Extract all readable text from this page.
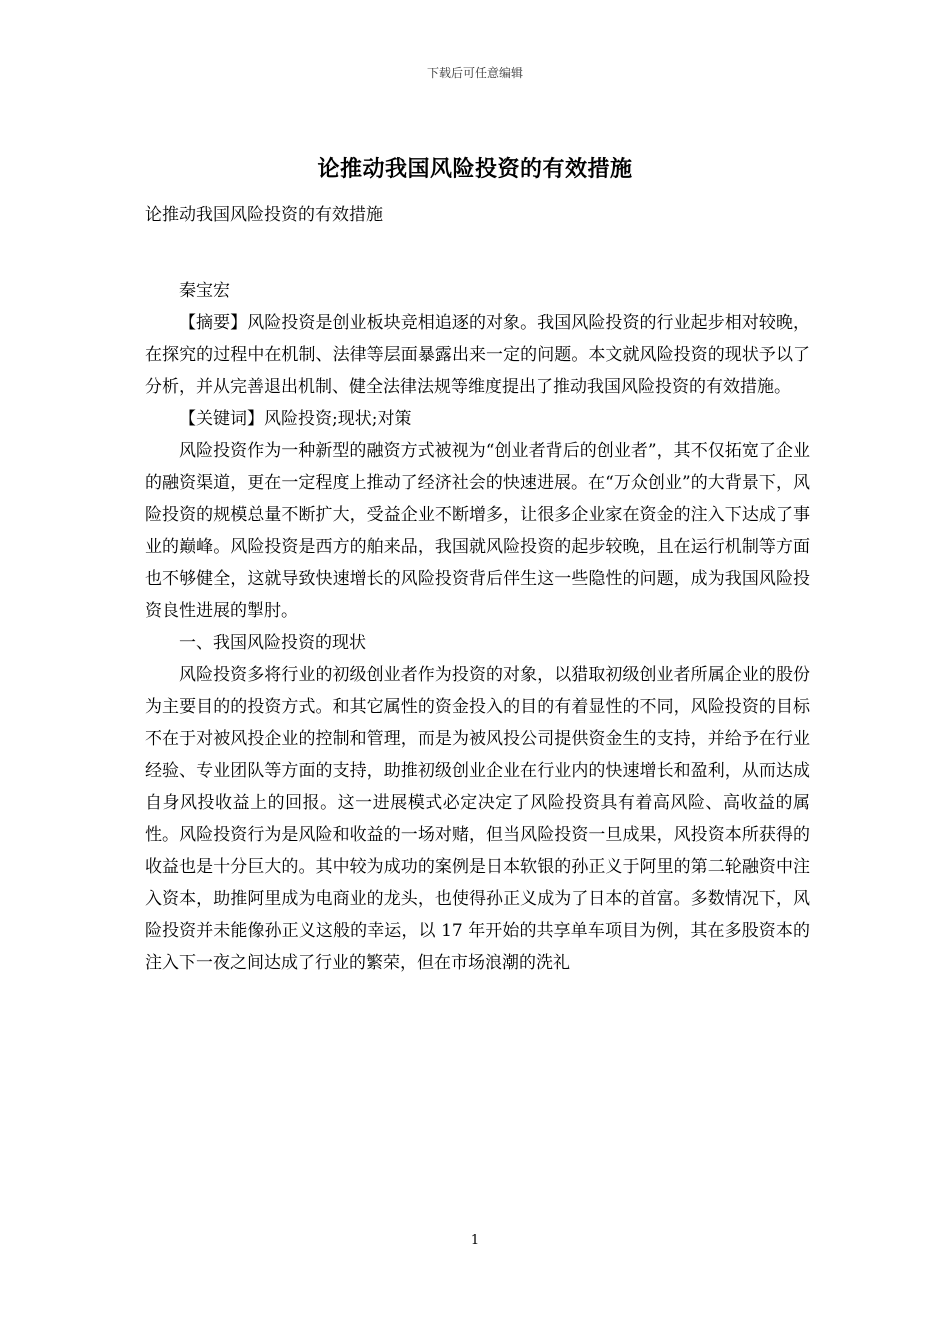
下载后可任意编辑
论推动我国风险投资的有效措施

论推动我国风险投资的有效措施

秦宝宏

【摘要】风险投资是创业板块竞相追逐的对象。我国风险投资的行业起步相对较晚，在探究的过程中在机制、法律等层面暴露出来一定的问题。本文就风险投资的现状予以了分析，并从完善退出机制、健全法律法规等维度提出了推动我国风险投资的有效措施。

【关键词】风险投资;现状;对策

风险投资作为一种新型的融资方式被视为“创业者背后的创业者”，其不仅拓宽了企业的融资渠道，更在一定程度上推动了经济社会的快速进展。在“万众创业”的大背景下，风险投资的规模总量不断扩大，受益企业不断增多，让很多企业家在资金的注入下达成了事业的巅峰。风险投资是西方的舶来品，我国就风险投资的起步较晚，且在运行机制等方面也不够健全，这就导致快速增长的风险投资背后伴生这一些隐性的问题，成为我国风险投资良性进展的掣肘。

一、我国风险投资的现状

风险投资多将行业的初级创业者作为投资的对象，以猎取初级创业者所属企业的股份为主要目的的投资方式。和其它属性的资金投入的目的有着显性的不同，风险投资的目标不在于对被风投企业的控制和管理，而是为被风投公司提供资金生的支持，并给予在行业经验、专业团队等方面的支持，助推初级创业企业在行业内的快速增长和盈利，从而达成自身风投收益上的回报。这一进展模式必定决定了风险投资具有着高风险、高收益的属性。风险投资行为是风险和收益的一场对赌，但当风险投资一旦成果，风投资本所获得的收益也是十分巨大的。其中较为成功的案例是日本软银的孙正义于阿里的第二轮融资中注入资本，助推阿里成为电商业的龙头，也使得孙正义成为了日本的首富。多数情况下，风险投资并未能像孙正义这般的幸运，以 17 年开始的共享单车项目为例，其在多股资本的注入下一夜之间达成了行业的繁荣，但在市场浪潮的洗礼

1
